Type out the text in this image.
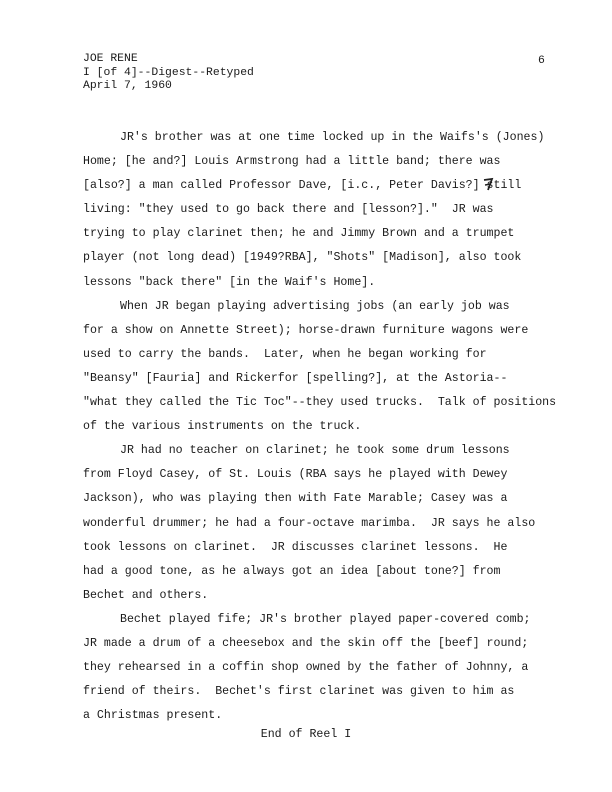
JOE RENE
I [of 4]--Digest--Retyped
April 7, 1960
6
JR's brother was at one time locked up in the Waifs's (Jones)
Home; [he and?] Louis Armstrong had a little band; there was
[also?] a man called Professor Dave, [i.c., Peter Davis?] still
living: "they used to go back there and [lesson?]."  JR was
trying to play clarinet then; he and Jimmy Brown and a trumpet
player (not long dead) [1949?RBA], "Shots" [Madison], also took
lessons "back there" [in the Waif's Home].
When JR began playing advertising jobs (an early job was
for a show on Annette Street); horse-drawn furniture wagons were
used to carry the bands.  Later, when he began working for
"Beansy" [Fauria] and Rickerfor [spelling?], at the Astoria--
"what they called the Tic Toc"--they used trucks.  Talk of positions
of the various instruments on the truck.
JR had no teacher on clarinet; he took some drum lessons
from Floyd Casey, of St. Louis (RBA says he played with Dewey
Jackson), who was playing then with Fate Marable; Casey was a
wonderful drummer; he had a four-octave marimba.  JR says he also
took lessons on clarinet.  JR discusses clarinet lessons.  He
had a good tone, as he always got an idea [about tone?] from
Bechet and others.
Bechet played fife; JR's brother played paper-covered comb;
JR made a drum of a cheesebox and the skin off the [beef] round;
they rehearsed in a coffin shop owned by the father of Johnny, a
friend of theirs.  Bechet's first clarinet was given to him as
a Christmas present.
End of Reel I
